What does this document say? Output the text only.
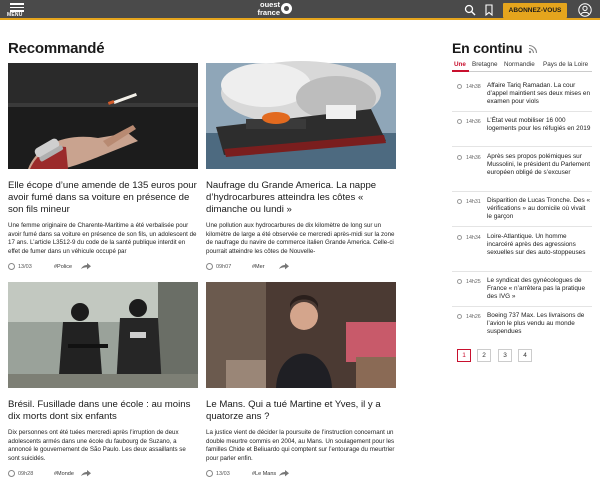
MENU
ouest
france	ABONNEZ-VOUS
Recommandé
Elle écope d’une amende de 135 euros pour avoir fumé dans sa voiture en présence de son fils mineur
Une femme originaire de Charente-Maritime a été verbalisée pour avoir fumé dans sa voiture en présence de son fils, un adolescent de 17 ans. L’article L3512-9 du code de la santé publique interdit en effet de fumer dans un véhicule occupé par
13/03	#Police
Naufrage du Grande America. La nappe d’hydrocarbures atteindra les côtes « dimanche ou lundi »
Une pollution aux hydrocarbures de dix kilomètre de long sur un kilomètre de large a été observée ce mercredi après-midi sur la zone de naufrage du navire de commerce italien Grande America. Celle-ci pourrait atteindre les côtes de Nouvelle-
09h07	#Mer
Brésil. Fusillade dans une école : au moins dix morts dont six enfants
Dix personnes ont été tuées mercredi après l’irruption de deux adolescents armés dans une école du faubourg de Suzano, a annoncé le gouvernement de São Paulo. Les deux assaillants se sont suicidés.
09h28	#Monde
Le Mans. Qui a tué Martine et Yves, il y a quatorze ans ?
La justice vient de décider la poursuite de l’instruction concernant un double meurtre commis en 2004, au Mans. Un soulagement pour les familles Chide et Beliuardo qui comptent sur l’entourage du meurtrier pour parler enfin.
13/03	#Le Mans
En continu
Une Bretagne Normandie Pays de la Loire
14h38 Affaire Tariq Ramadan. La cour d’appel maintient ses deux mises en examen pour viols
14h36 L’État veut mobiliser 16 000 logements pour les réfugiés en 2019
14h36 Après ses propos polémiques sur Mussolini, le président du Parlement européen obligé de s’excuser
14h31 Disparition de Lucas Tronche. Des « vérifications » au domicile où vivait le garçon
14h34 Loire-Atlantique. Un homme incarcéré après des agressions sexuelles sur des auto-stoppeuses
14h25 Le syndicat des gynécologues de France « n’arrêtera pas la pratique des IVG »
14h26 Boeing 737 Max. Les livraisons de l’avion le plus vendu au monde suspendues
1	2	3	4
